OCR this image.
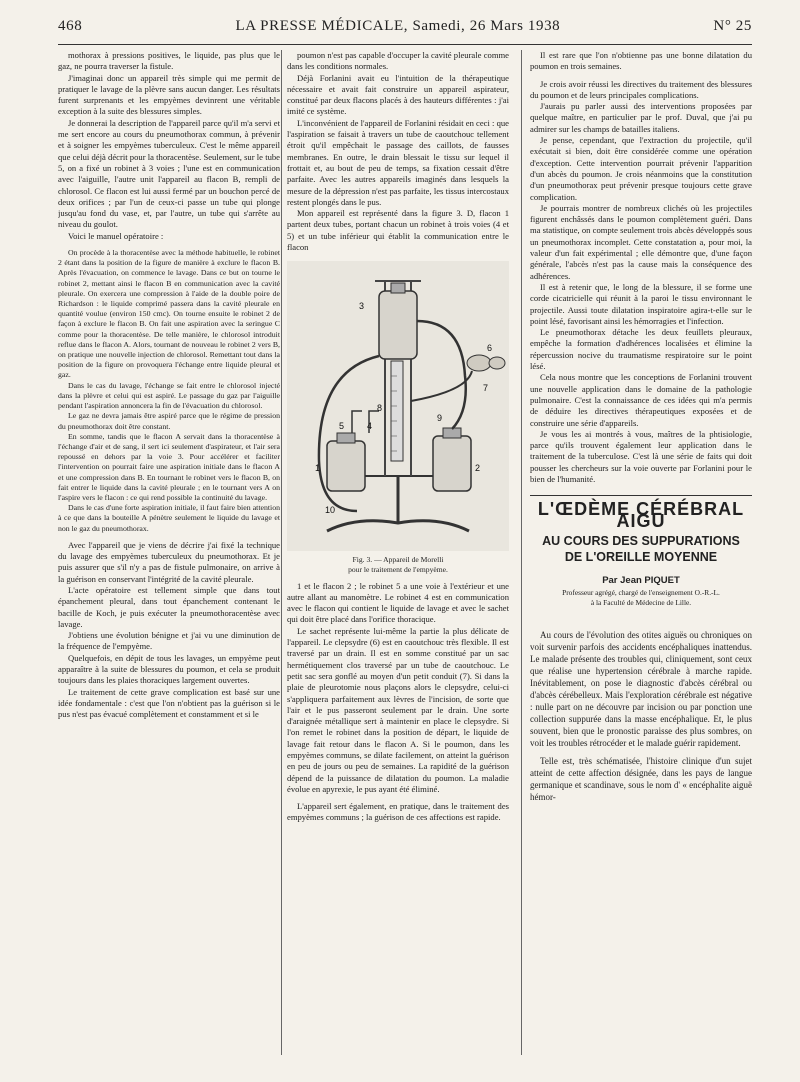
468	LA PRESSE MÉDICALE, Samedi, 26 Mars 1938	N° 25

mothorax à pressions positives, le liquide, pas plus que le gaz, ne pourra traverser la fistule.

J'imaginai donc un appareil très simple qui me permit de pratiquer le lavage de la plèvre sans aucun danger. Les résultats furent surprenants et les empyèmes devinrent une véritable exception à la suite des blessures simples.

Je donnerai la description de l'appareil parce qu'il m'a servi et me sert encore au cours du pneumothorax commun, à prévenir et à soigner les empyèmes tuberculeux. C'est le même appareil que celui déjà décrit pour la thoracentèse. Seulement, sur le tube 5, on a fixé un robinet à 3 voies ; l'une est en communication avec l'aiguille, l'autre unit l'appareil au flacon B, rempli de chlorosol. Ce flacon est lui aussi fermé par un bouchon percé de deux orifices ; par l'un de ceux-ci passe un tube qui plonge jusqu'au fond du vase, et, par l'autre, un tube qui s'arrête au niveau du goulot.

Voici le manuel opératoire :

On procède à la thoracentèse avec la méthode habituelle, le robinet 2 étant dans la position de la figure de manière à exclure le flacon B. Après l'évacuation, on commence le lavage. Dans ce but on tourne le robinet 2, mettant ainsi le flacon B en communication avec la cavité pleurale. On exercera une compression à l'aide de la double poire de Richardson : le liquide comprimé passera dans la cavité pleurale en quantité voulue (environ 150 cmc). On tourne ensuite le robinet 2 de façon à exclure le flacon B. On fait une aspiration avec la seringue C comme pour la thoracentèse. De telle manière, le chlorosol introduit reflue dans le flacon A. Alors, tournant de nouveau le robinet 2 vers B, on pratique une nouvelle injection de chlorosol. Remettant tout dans la position de la figure on provoquera l'échange entre liquide pleural et gaz.

Dans le cas du lavage, l'échange se fait entre le chlorosol injecté dans la plèvre et celui qui est aspiré. Le passage du gaz par l'aiguille pendant l'aspiration annoncera la fin de l'évacuation du chlorosol.

Le gaz ne devra jamais être aspiré parce que le régime de pression du pneumothorax doit être constant.

En somme, tandis que le flacon A servait dans la thoracentèse à l'échange d'air et de sang, il sert ici seulement d'aspirateur, et l'air sera repoussé en dehors par la voie 3. Pour accélérer et faciliter l'intervention on pourrait faire une aspiration initiale dans le flacon A et une compression dans B. En tournant le robinet vers le flacon B, on fait entrer le liquide dans la cavité pleurale ; en le tournant vers A on l'aspire vers le flacon : ce qui rend possible la continuité du lavage.

Dans le cas d'une forte aspiration initiale, il faut faire bien attention à ce que dans la bouteille A pénètre seulement le liquide du lavage et non le gaz du pneumothorax.

Avec l'appareil que je viens de décrire j'ai fixé la technique du lavage des empyèmes tuberculeux du pneumothorax. Et je puis assurer que s'il n'y a pas de fistule pulmonaire, on arrive à la guérison en conservant l'intégrité de la cavité pleurale.

L'acte opératoire est tellement simple que dans tout épanchement pleural, dans tout épanchement contenant le bacille de Koch, je puis exécuter la pneumothoracentèse avec lavage.

J'obtiens une évolution bénigne et j'ai vu une diminution de la fréquence de l'empyème.

Quelquefois, en dépit de tous les lavages, un empyème peut apparaître à la suite de blessures du poumon, et cela se produit toujours dans les plaies thoraciques largement ouvertes.

Le traitement de cette grave complication est basé sur une idée fondamentale : c'est que l'on n'obtient pas la guérison si le pus n'est pas évacué complètement et constamment et si le

poumon n'est pas capable d'occuper la cavité pleurale comme dans les conditions normales.

Déjà Forlanini avait eu l'intuition de la thérapeutique nécessaire et avait fait construire un appareil aspirateur, constitué par deux flacons placés à des hauteurs différentes : j'ai imité ce système.

L'inconvénient de l'appareil de Forlanini résidait en ceci : que l'aspiration se faisait à travers un tube de caoutchouc tellement étroit qu'il empêchait le passage des caillots, de fausses membranes. En outre, le drain blessait le tissu sur lequel il frottait et, au bout de peu de temps, sa fixation cessait d'être parfaite. Avec les autres appareils imaginés dans lesquels la mesure de la dépression n'est pas parfaite, les tissus intercostaux restent plongés dans le pus.

Mon appareil est représenté dans la figure 3. D, flacon 1 partent deux tubes, portant chacun un robinet à trois voies (4 et 5) et un tube inférieur qui établit la communication entre le flacon

3
6
7
8
9
5	4
1	2
10
Fig. 3. — Appareil de Morelli
pour le traitement de l'empyème.

1 et le flacon 2 ; le robinet 5 a une voie à l'extérieur et une autre allant au manomètre. Le robinet 4 est en communication avec le flacon qui contient le liquide de lavage et avec le sachet qui doit être placé dans l'orifice thoracique.

Le sachet représente lui-même la partie la plus délicate de l'appareil. Le clepsydre (6) est en caoutchouc très flexible. Il est traversé par un drain. Il est en somme constitué par un sac hermétiquement clos traversé par un tube de caoutchouc. Le petit sac sera gonflé au moyen d'un petit conduit (7). Si dans la plaie de pleurotomie nous plaçons alors le clepsydre, celui-ci s'appliquera parfaitement aux lèvres de l'incision, de sorte que l'air et le pus passeront seulement par le drain. Une sorte d'araignée métallique sert à maintenir en place le clepsydre. Si l'on remet le robinet dans la position de départ, le liquide de lavage fait retour dans le flacon A. Si le poumon, dans les empyèmes communs, se dilate facilement, on atteint la guérison en peu de jours ou peu de semaines. La rapidité de la guérison dépend de la puissance de dilatation du poumon. La maladie évolue en apyrexie, le pus ayant été éliminé.

L'appareil sert également, en pratique, dans le traitement des empyèmes communs ; la guérison de ces affections est rapide.

Il est rare que l'on n'obtienne pas une bonne dilatation du poumon en trois semaines.

Je crois avoir réussi les directives du traitement des blessures du poumon et de leurs principales complications.

J'aurais pu parler aussi des interventions proposées par quelque maître, en particulier par le prof. Duval, que j'ai pu admirer sur les champs de batailles italiens.

Je pense, cependant, que l'extraction du projectile, qu'il exécutait si bien, doit être considérée comme une opération d'exception. Cette intervention pourrait prévenir l'apparition d'un abcès du poumon. Je crois néanmoins que la constitution d'un pneumothorax peut prévenir presque toujours cette grave complication.

Je pourrais montrer de nombreux clichés où les projectiles figurent enchâssés dans le poumon complètement guéri. Dans ma statistique, on compte seulement trois abcès développés sous un pneumothorax incomplet. Cette constatation a, pour moi, la valeur d'un fait expérimental ; elle démontre que, d'une façon générale, l'abcès n'est pas la cause mais la conséquence des adhérences.

Il est à retenir que, le long de la blessure, il se forme une corde cicatricielle qui réunit à la paroi le tissu environnant le projectile. Aussi toute dilatation inspiratoire agira-t-elle sur le point lésé, favorisant ainsi les hémorragies et l'infection.

Le pneumothorax détache les deux feuillets pleuraux, empêche la formation d'adhérences localisées et élimine la répercussion nocive du traumatisme respiratoire sur le point lésé.

Cela nous montre que les conceptions de Forlanini trouvent une nouvelle application dans le domaine de la pathologie pulmonaire. C'est la connaissance de ces idées qui m'a permis de déduire les directives thérapeutiques exposées et de construire une série d'appareils.

Je vous les ai montrés à vous, maîtres de la phtisiologie, parce qu'ils trouvent également leur application dans le traitement de la tuberculose. C'est là une série de faits qui doit pousser les chercheurs sur la voie ouverte par Forlanini pour le bien de l'humanité.

L'ŒDÈME CÉRÉBRAL AIGU
AU COURS DES SUPPURATIONS
DE L'OREILLE MOYENNE
Par Jean PIQUET
Professeur agrégé, chargé de l'enseignement O.-R.-L.
à la Faculté de Médecine de Lille.

Au cours de l'évolution des otites aiguës ou chroniques on voit survenir parfois des accidents encéphaliques inattendus. Le malade présente des troubles qui, cliniquement, sont ceux que réalise une hypertension cérébrale à marche rapide. Inévitablement, on pose le diagnostic d'abcès cérébral ou d'abcès cérébelleux. Mais l'exploration cérébrale est négative : nulle part on ne découvre par incision ou par ponction une collection suppurée dans la masse encéphalique. Et, le plus souvent, bien que le pronostic paraisse des plus sombres, on voit les troubles rétrocéder et le malade guérir rapidement.

Telle est, très schématisée, l'histoire clinique d'un sujet atteint de cette affection désignée, dans les pays de langue germanique et scandinave, sous le nom d' « encéphalite aiguë hémor-
